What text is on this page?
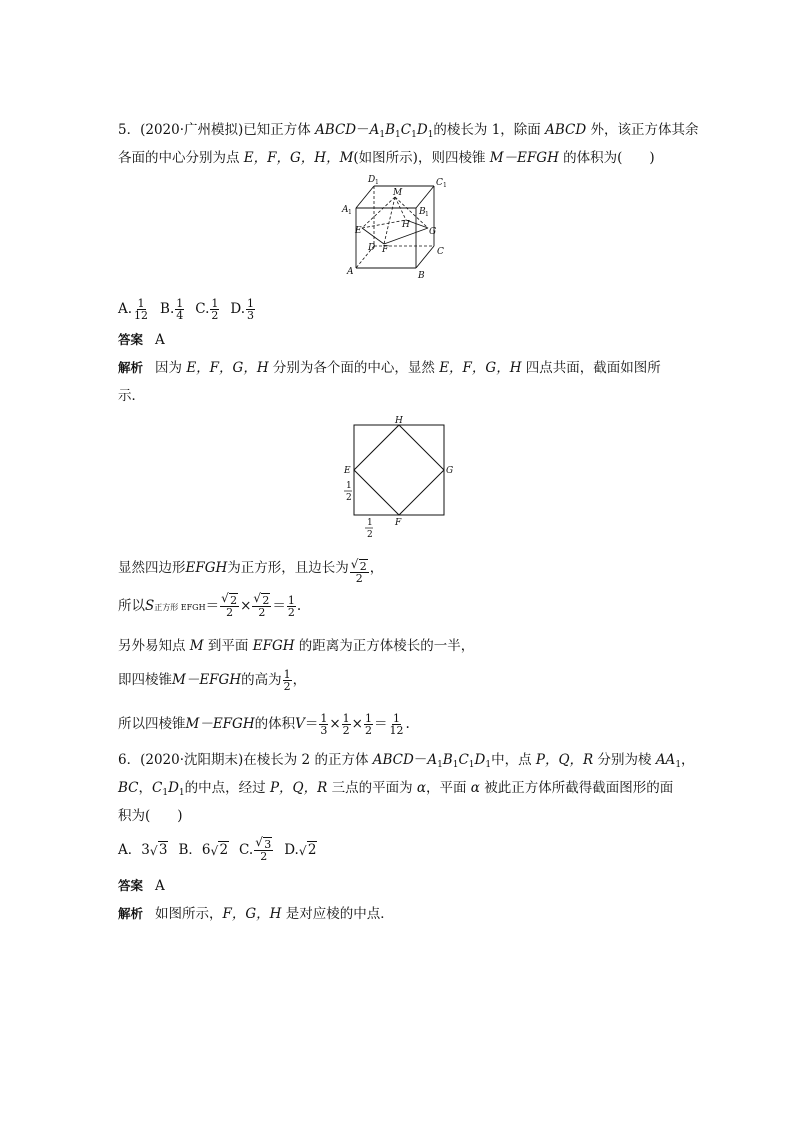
5．(2020·广州模拟)已知正方体 $ABCD-A_1B_1C_1D_1$的棱长为 1，除面 ABCD 外，该正方体其余
各面的中心分别为点 E，F，G，H，M(如图所示)，则四棱锥 M－EFGH 的体积为(　　)
D 1	C 1
A 1	B 1
M
H
E	G
D F	C
A	B
A. $\frac{1}{12} B$. $\frac{1}{4} C$. $\frac{1}{2} D$. $\frac{1}{3}$
答案 A
解析 因为 E，F，G，H 分别为各个面的中心，显然 E，F，G，H 四点共面，截面如图所
示．
H
E	G
F
1
2
1
2
显然四边形 EFGH 为正方形，且边长为
√ $\frac{2}{2}$ ，
所以 S 正方形 EFGH ＝
√ $\frac{2}{2}$ ×
√ $\frac{2}{2} = \frac{1}{2}$ .
另外易知点 M 到平面 EFGH 的距离为正方体棱长的一半，
即四棱锥 M－EFGH 的高为 $\frac{1}{2}$ ，
所以四棱锥 M－EFGH 的体积 $V = \frac{1}{3} \times \frac{1}{2} \times \frac{1}{2} = \frac{1}{12}$ .
6．(2020·沈阳期末)在棱长为 2 的正方体 $ABCD-A_1B_1C_1D_1$中，点 P，Q，R 分别为棱 $AA_1$，
BC，$C_1D_1$的中点，经过 P，Q，R 三点的平面为 α，平面 α 被此正方体所截得截面图形的面
积为(　　)
A．3√ 3 B．6√ 2 C.
√ $\frac{3}{2} D.√$ 2
答案 A
解析 如图所示，F，G，H 是对应棱的中点．
